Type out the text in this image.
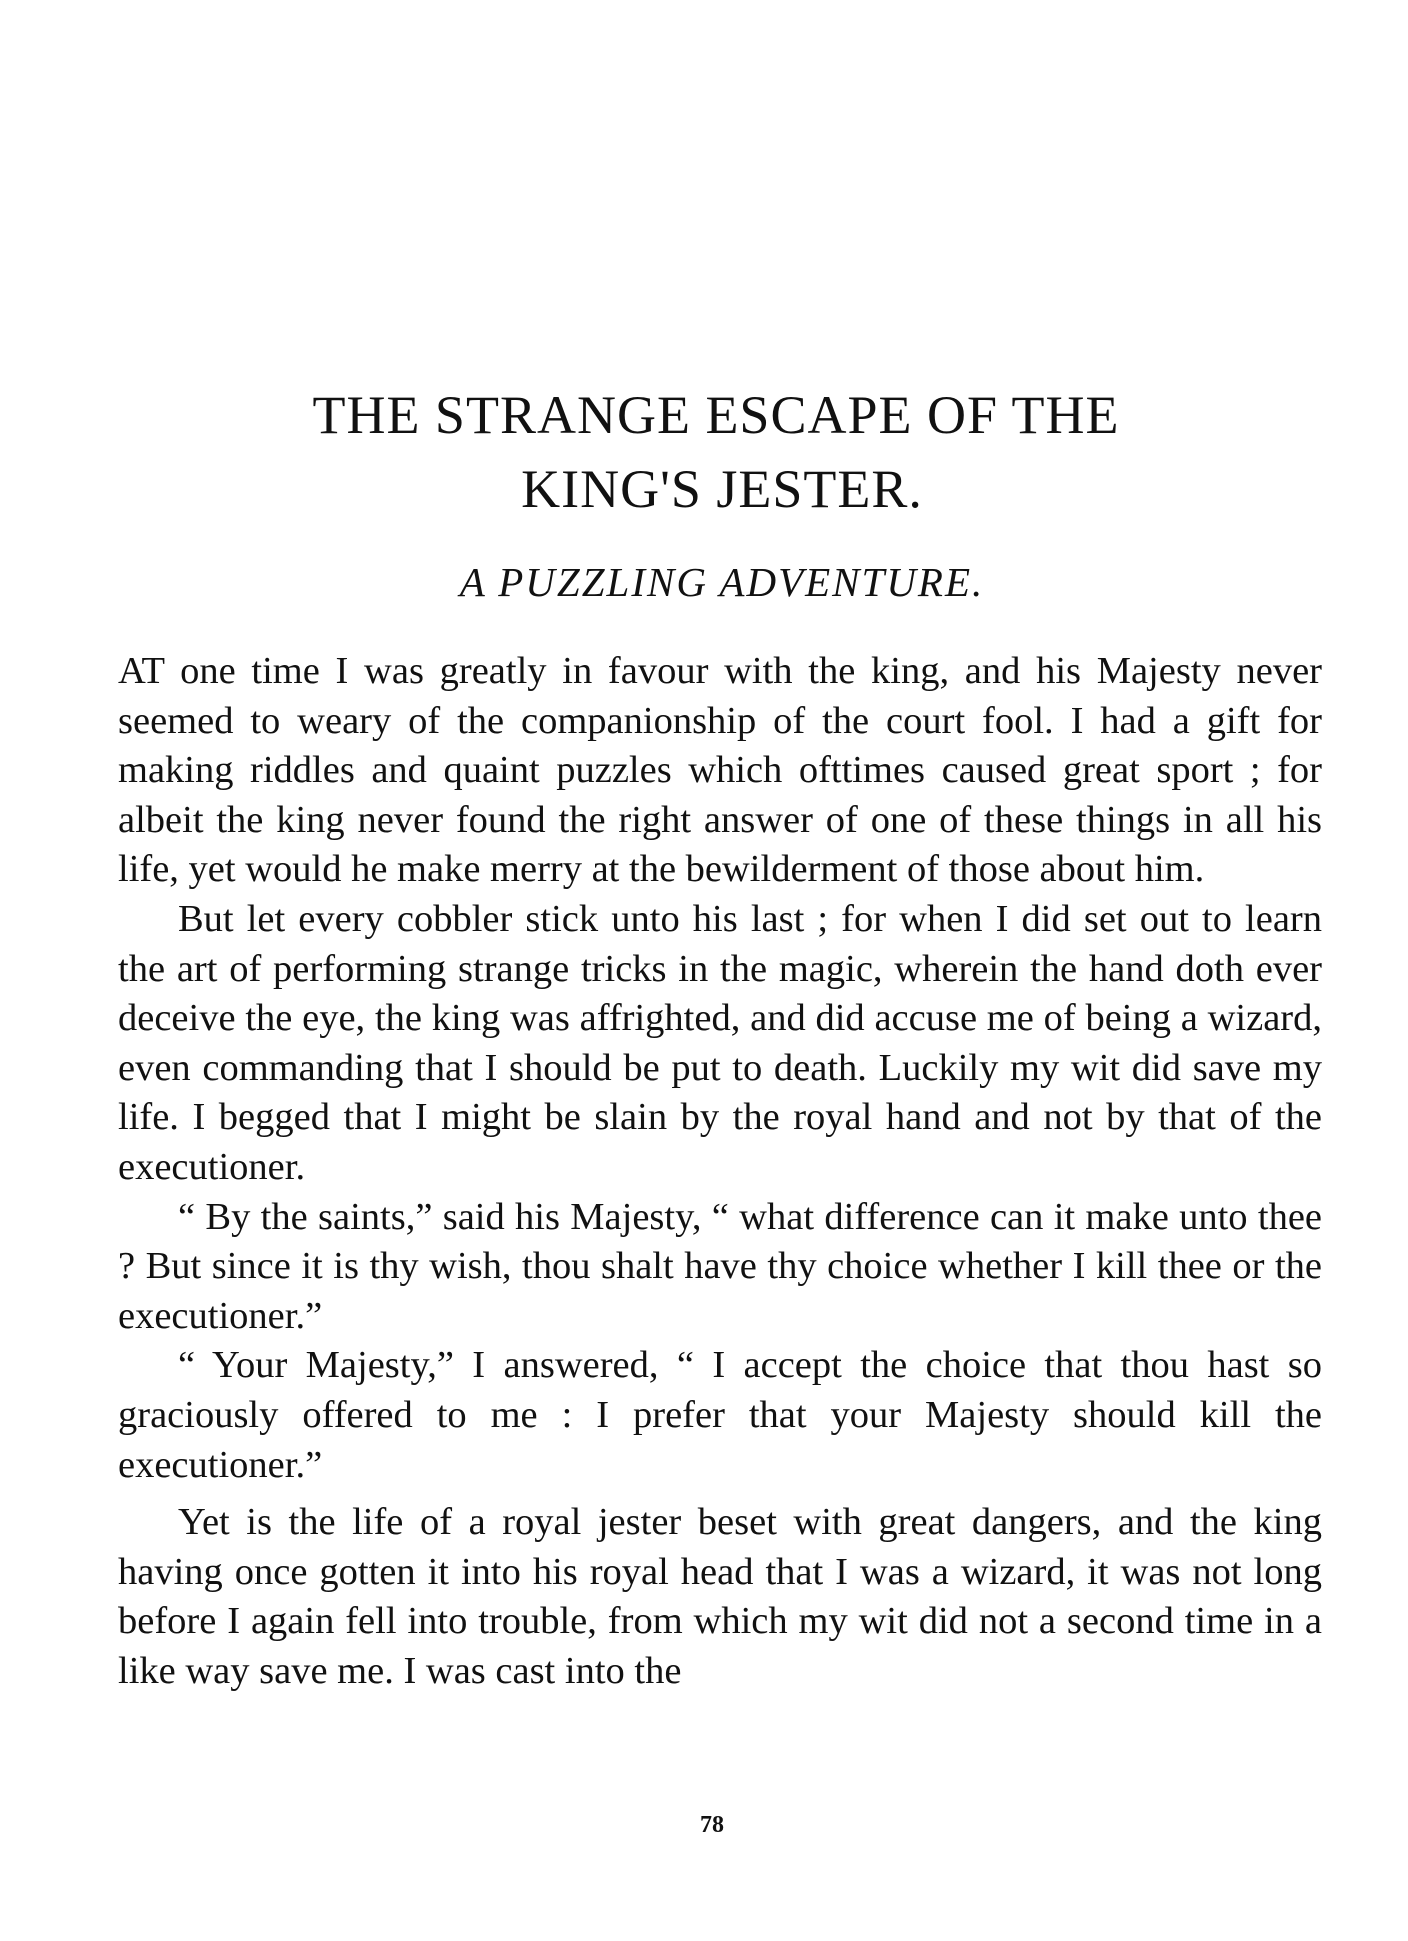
THE STRANGE ESCAPE OF THE
KING'S JESTER.
A PUZZLING ADVENTURE.

AT one time I was greatly in favour with the king, and his Majesty never seemed to weary of the companionship of the court fool. I had a gift for making riddles and quaint puzzles which ofttimes caused great sport ; for albeit the king never found the right answer of one of these things in all his life, yet would he make merry at the bewilderment of those about him.

But let every cobbler stick unto his last ; for when I did set out to learn the art of performing strange tricks in the magic, wherein the hand doth ever deceive the eye, the king was affrighted, and did accuse me of being a wizard, even commanding that I should be put to death. Luckily my wit did save my life. I begged that I might be slain by the royal hand and not by that of the executioner.

“ By the saints,” said his Majesty, “ what difference can it make unto thee ? But since it is thy wish, thou shalt have thy choice whether I kill thee or the executioner.”

“ Your Majesty,” I answered, “ I accept the choice that thou hast so graciously offered to me : I prefer that your Majesty should kill the executioner.”

Yet is the life of a royal jester beset with great dangers, and the king having once gotten it into his royal head that I was a wizard, it was not long before I again fell into trouble, from which my wit did not a second time in a like way save me. I was cast into the

78
